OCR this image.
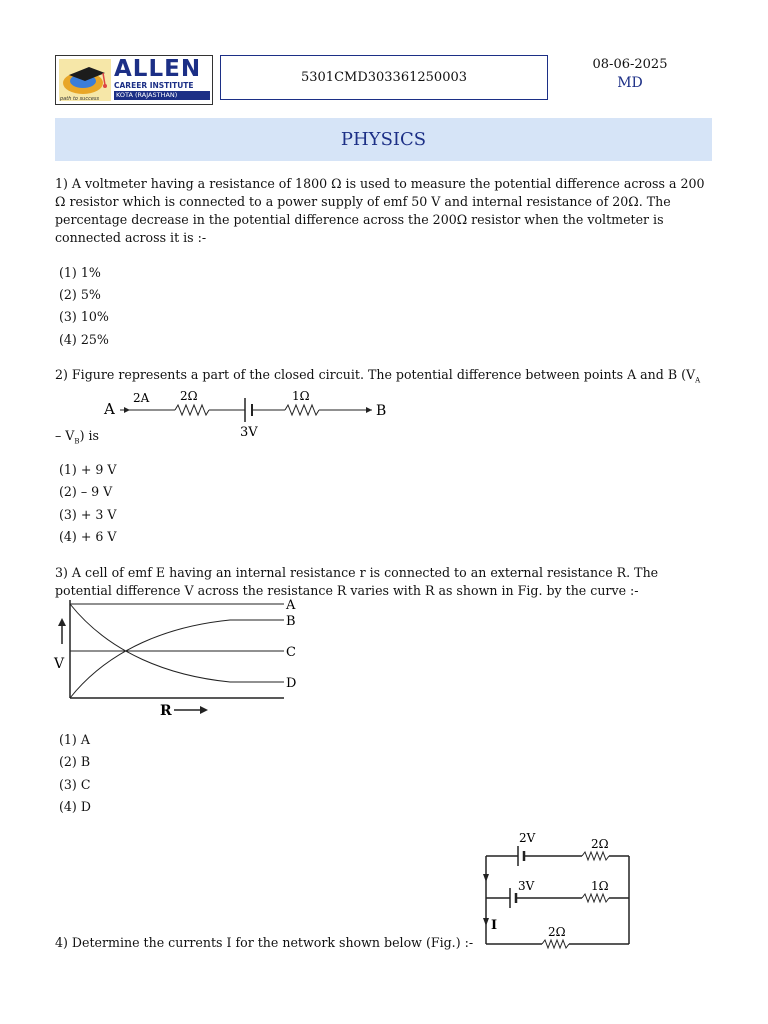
ALLEN
CAREER INSTITUTE
KOTA (RAJASTHAN)
path to success
5301CMD303361250003
08-06-2025
MD
PHYSICS
1) A voltmeter having a resistance of 1800 Ω is used to measure the potential difference across a 200 Ω resistor which is connected to a power supply of emf 50 V and internal resistance of 20Ω. The percentage decrease in the potential difference across the 200Ω resistor when the voltmeter is connected across it is :-
(1) 1%
(2) 5%
(3) 10%
(4) 25%
2) Figure represents a part of the closed circuit. The potential difference between points A and B ($V_A$
A
2A	2Ω
3V
1Ω
B
– $V_B$) is
(1) + 9 V
(2) – 9 V
(3) + 3 V
(4) + 6 V
3) A cell of emf E having an internal resistance r is connected to an external resistance R. The potential difference V across the resistance R varies with R as shown in Fig. by the curve :-
A
B
C
D
V
R
(1) A
(2) B
(3) C
(4) D
2V	2Ω
3V	1Ω
I	2Ω
4) Determine the currents I for the network shown below (Fig.) :-
